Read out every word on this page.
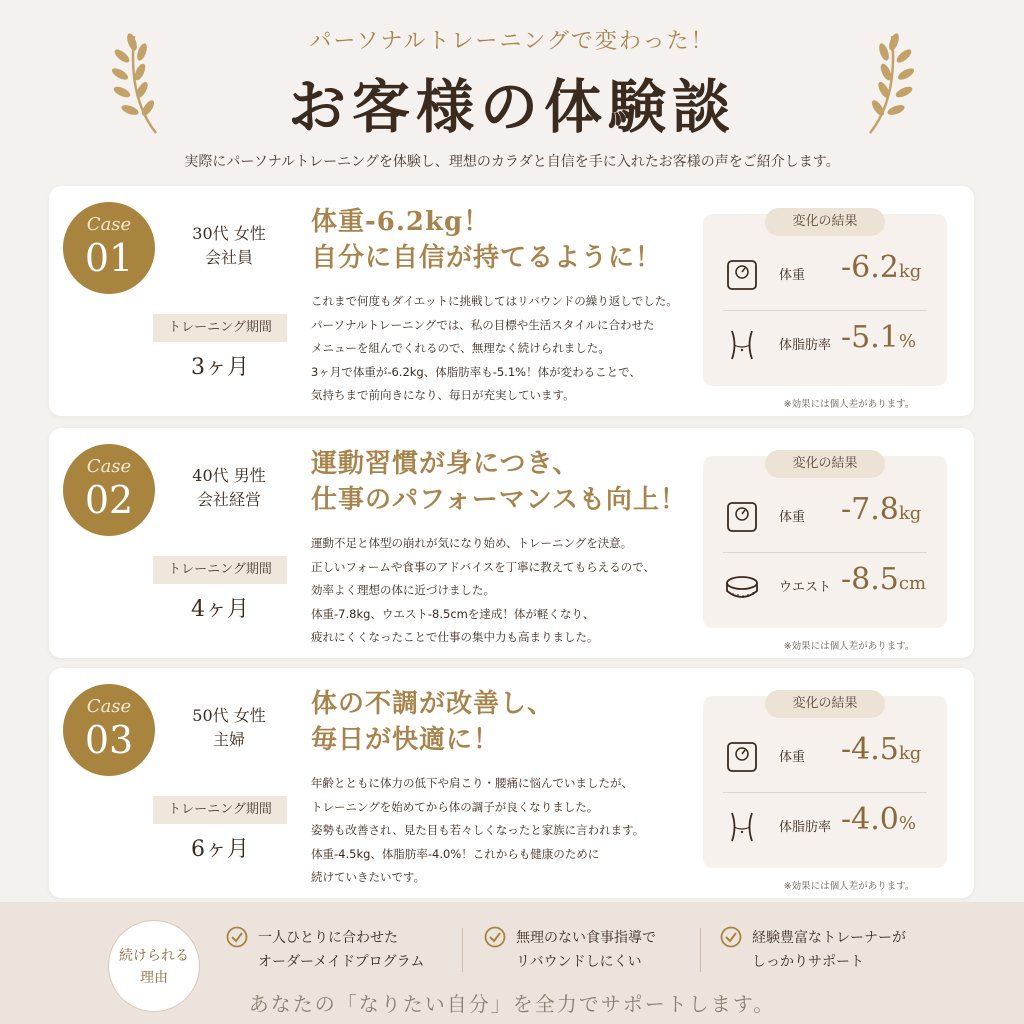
パーソナルトレーニングで変わった！
お客様の体験談
実際にパーソナルトレーニングを体験し、理想のカラダと自信を手に入れたお客様の声をご紹介します。
Case
01
30代 女性
会社員
トレーニング期間
3ヶ月
体重-6.2kg！
自分に自信が持てるように！
これまで何度もダイエットに挑戦してはリバウンドの繰り返しでした。
パーソナルトレーニングでは、私の目標や生活スタイルに合わせた
メニューを組んでくれるので、無理なく続けられました。
3ヶ月で体重が-6.2kg、体脂肪率も-5.1%！体が変わることで、
気持ちまで前向きになり、毎日が充実しています。
変化の結果
体重	-6.2kg
体脂肪率 -5.1%
※効果には個人差があります。
Case
02
40代 男性
会社経営
トレーニング期間
4ヶ月
運動習慣が身につき、
仕事のパフォーマンスも向上！
運動不足と体型の崩れが気になり始め、トレーニングを決意。
正しいフォームや食事のアドバイスを丁寧に教えてもらえるので、
効率よく理想の体に近づけました。
体重-7.8kg、ウエスト-8.5cmを達成！体が軽くなり、
疲れにくくなったことで仕事の集中力も高まりました。
変化の結果
体重	-7.8kg
ウエスト -8.5cm
※効果には個人差があります。
Case
03
50代 女性
主婦
トレーニング期間
6ヶ月
体の不調が改善し、
毎日が快適に！
年齢とともに体力の低下や肩こり・腰痛に悩んでいましたが、
トレーニングを始めてから体の調子が良くなりました。
姿勢も改善され、見た目も若々しくなったと家族に言われます。
体重-4.5kg、体脂肪率-4.0%！これからも健康のために
続けていきたいです。
変化の結果
体重	-4.5kg
体脂肪率 -4.0%
※効果には個人差があります。
続けられる
理由
一人ひとりに合わせた
オーダーメイドプログラム
無理のない食事指導で
リバウンドしにくい
経験豊富なトレーナーが
しっかりサポート
あなたの「なりたい自分」を全力でサポートします。
